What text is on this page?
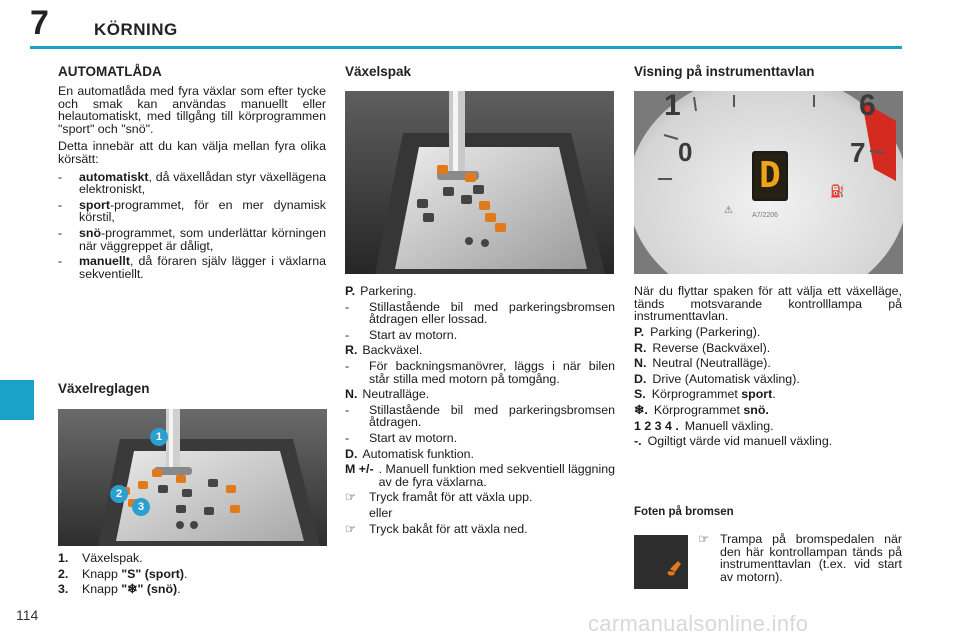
7	KÖRNING
AUTOMATLÅDA

En automatlåda med fyra växlar som efter tycke och smak kan användas manuellt eller helautomatiskt, med tillgång till körprogrammen "sport" och "snö".

Detta innebär att du kan välja mellan fyra olika körsätt:

-	automatiskt, då växellådan styr växellägena elektroniskt,
-	sport-programmet, för en mer dynamisk körstil,
-	snö-programmet, som underlättar körningen när väggreppet är dåligt,
-	manuellt, då föraren själv lägger i växlarna sekventiellt.
Växelreglagen
1
2
3
1.	Växelspak.
2.	Knapp "S" (sport).
3.	Knapp "❄" (snö).
Växelspak
P. Parkering.
-	Stillastående bil med parkeringsbromsen åtdragen eller lossad.
-	Start av motorn.
R. Backväxel.
-	För backningsmanövrer, läggs i när bilen står stilla med motorn på tomgång.
N. Neutralläge.
-	Stillastående bil med parkeringsbromsen åtdragen.
-	Start av motorn.
D. Automatisk funktion.
M +/- . Manuell funktion med sekventiell läggning av de fyra växlarna.
☞	Tryck framåt för att växla upp.
eller
☞	Tryck bakåt för att växla ned.
Visning på instrumenttavlan
⚠
⛽
1	6
0	7
D
A7/2206
När du flyttar spaken för att välja ett växelläge, tänds motsvarande kontrolllampa på instrumenttavlan.
P. Parking (Parkering).
R. Reverse (Backväxel).
N. Neutral (Neutralläge).
D. Drive (Automatisk växling).
S. Körprogrammet sport.
❄. Körprogrammet snö.
1 2 3 4 . Manuell växling.
-. Ogiltigt värde vid manuell växling.
Foten på bromsen
☞ Trampa på bromspedalen när den här kontrollampan tänds på instrumenttavlan (t.ex. vid start av motorn).
114	carmanualsonline.info
